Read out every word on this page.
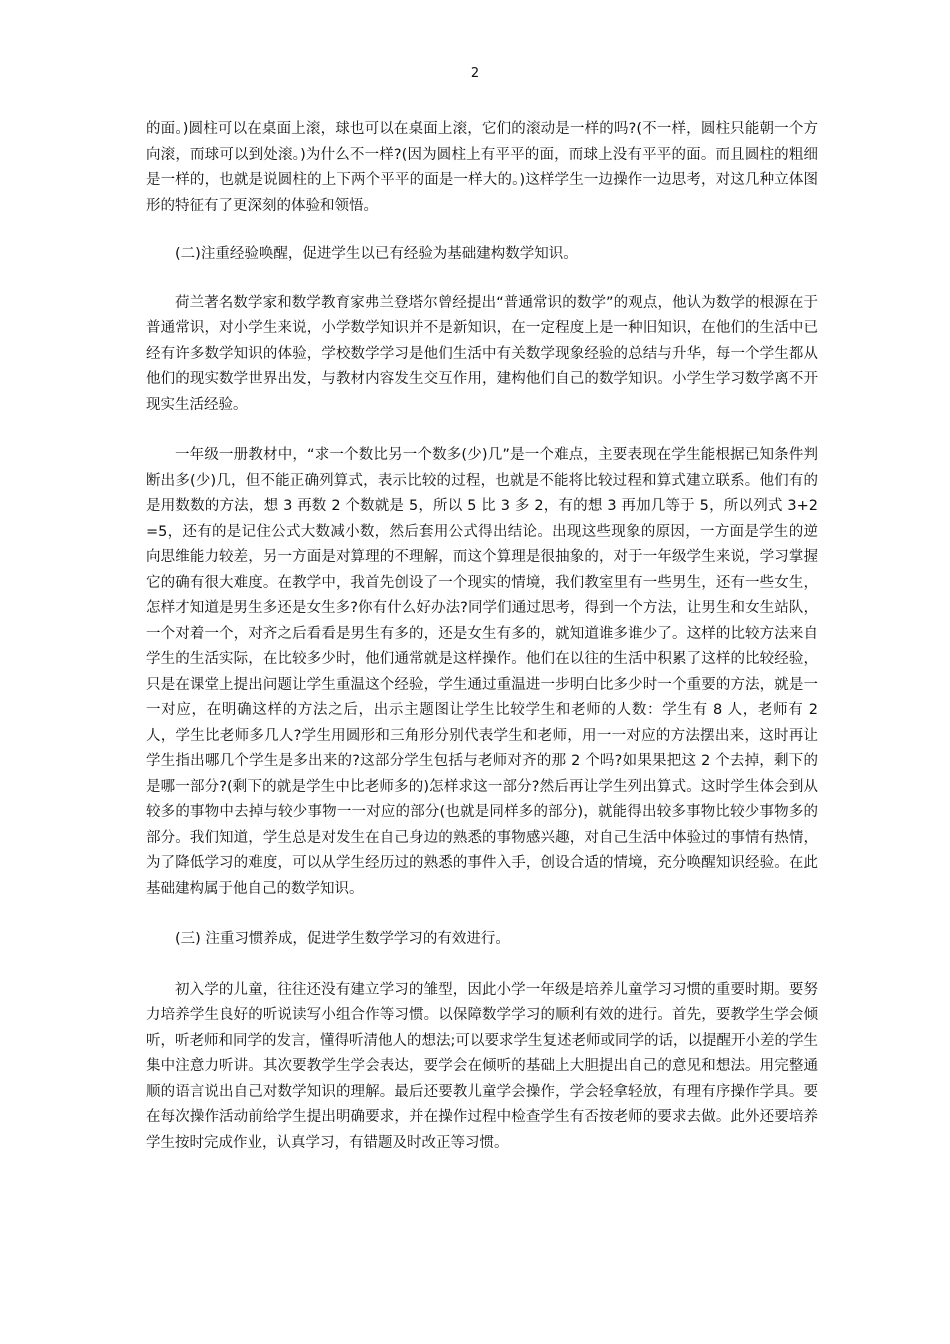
2

的面。)圆柱可以在桌面上滚，球也可以在桌面上滚，它们的滚动是一样的吗?(不一样，圆柱只能朝一个方向滚，而球可以到处滚。)为什么不一样?(因为圆柱上有平平的面，而球上没有平平的面。而且圆柱的粗细是一样的，也就是说圆柱的上下两个平平的面是一样大的。)这样学生一边操作一边思考，对这几种立体图形的特征有了更深刻的体验和领悟。

(二)注重经验唤醒，促进学生以已有经验为基础建构数学知识。

荷兰著名数学家和数学教育家弗兰登塔尔曾经提出“普通常识的数学”的观点，他认为数学的根源在于普通常识，对小学生来说，小学数学知识并不是新知识，在一定程度上是一种旧知识，在他们的生活中已经有许多数学知识的体验，学校数学学习是他们生活中有关数学现象经验的总结与升华，每一个学生都从他们的现实数学世界出发，与教材内容发生交互作用，建构他们自己的数学知识。小学生学习数学离不开现实生活经验。

一年级一册教材中，“求一个数比另一个数多(少)几”是一个难点，主要表现在学生能根据已知条件判断出多(少)几，但不能正确列算式，表示比较的过程，也就是不能将比较过程和算式建立联系。他们有的是用数数的方法，想 3 再数 2 个数就是 5，所以 5 比 3 多 2，有的想 3 再加几等于 5，所以列式 3+2=5，还有的是记住公式大数减小数，然后套用公式得出结论。出现这些现象的原因，一方面是学生的逆向思维能力较差，另一方面是对算理的不理解，而这个算理是很抽象的，对于一年级学生来说，学习掌握它的确有很大难度。在教学中，我首先创设了一个现实的情境，我们教室里有一些男生，还有一些女生，怎样才知道是男生多还是女生多?你有什么好办法?同学们通过思考，得到一个方法，让男生和女生站队，一个对着一个，对齐之后看看是男生有多的，还是女生有多的，就知道谁多谁少了。这样的比较方法来自学生的生活实际，在比较多少时，他们通常就是这样操作。他们在以往的生活中积累了这样的比较经验，只是在课堂上提出问题让学生重温这个经验，学生通过重温进一步明白比多少时一个重要的方法，就是一一对应，在明确这样的方法之后，出示主题图让学生比较学生和老师的人数：学生有 8 人，老师有 2 人，学生比老师多几人?学生用圆形和三角形分别代表学生和老师，用一一对应的方法摆出来，这时再让学生指出哪几个学生是多出来的?这部分学生包括与老师对齐的那 2 个吗?如果果把这 2 个去掉，剩下的是哪一部分?(剩下的就是学生中比老师多的)怎样求这一部分?然后再让学生列出算式。这时学生体会到从较多的事物中去掉与较少事物一一对应的部分(也就是同样多的部分)，就能得出较多事物比较少事物多的部分。我们知道，学生总是对发生在自己身边的熟悉的事物感兴趣，对自己生活中体验过的事情有热情，为了降低学习的难度，可以从学生经历过的熟悉的事件入手，创设合适的情境，充分唤醒知识经验。在此基础建构属于他自己的数学知识。

(三) 注重习惯养成，促进学生数学学习的有效进行。

初入学的儿童，往往还没有建立学习的雏型，因此小学一年级是培养儿童学习习惯的重要时期。要努力培养学生良好的听说读写小组合作等习惯。以保障数学学习的顺利有效的进行。首先，要教学生学会倾听，听老师和同学的发言，懂得听清他人的想法;可以要求学生复述老师或同学的话，以提醒开小差的学生集中注意力听讲。其次要教学生学会表达，要学会在倾听的基础上大胆提出自己的意见和想法。用完整通顺的语言说出自己对数学知识的理解。最后还要教儿童学会操作，学会轻拿轻放，有理有序操作学具。要在每次操作活动前给学生提出明确要求，并在操作过程中检查学生有否按老师的要求去做。此外还要培养学生按时完成作业，认真学习，有错题及时改正等习惯。
